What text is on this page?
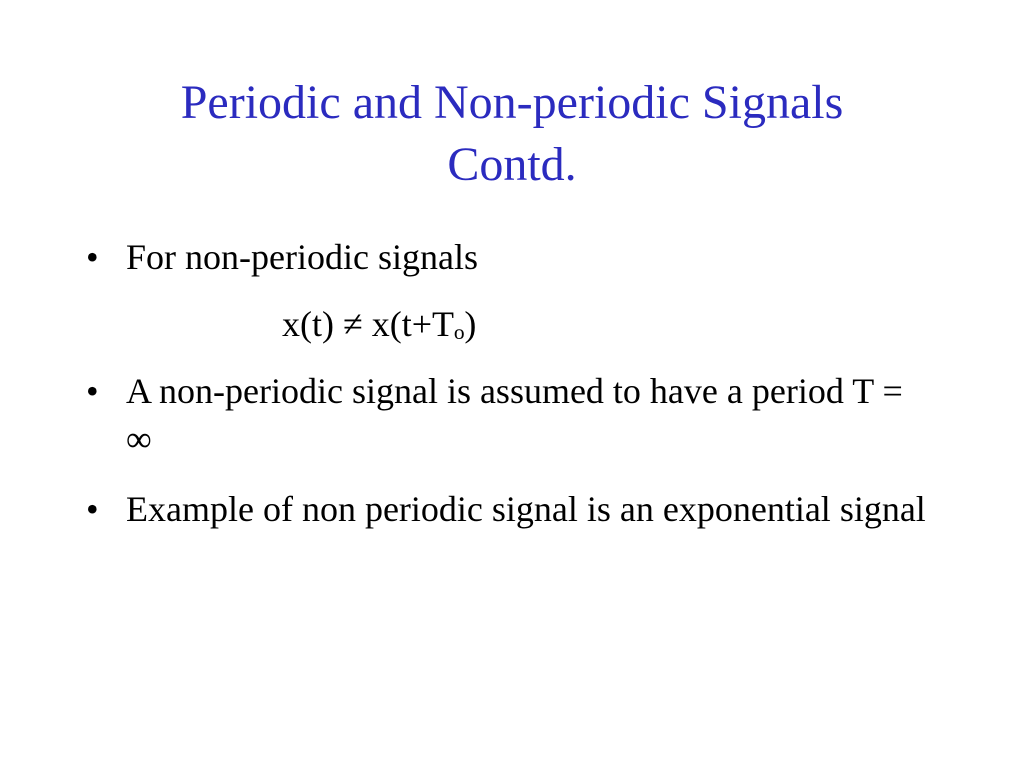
Periodic and Non-periodic Signals
Contd.
• For non-periodic signals
x(t) ≠ x(t+Tₒ)
• A non-periodic signal is assumed to have a period T = ∞
• Example of non periodic signal is an exponential signal
